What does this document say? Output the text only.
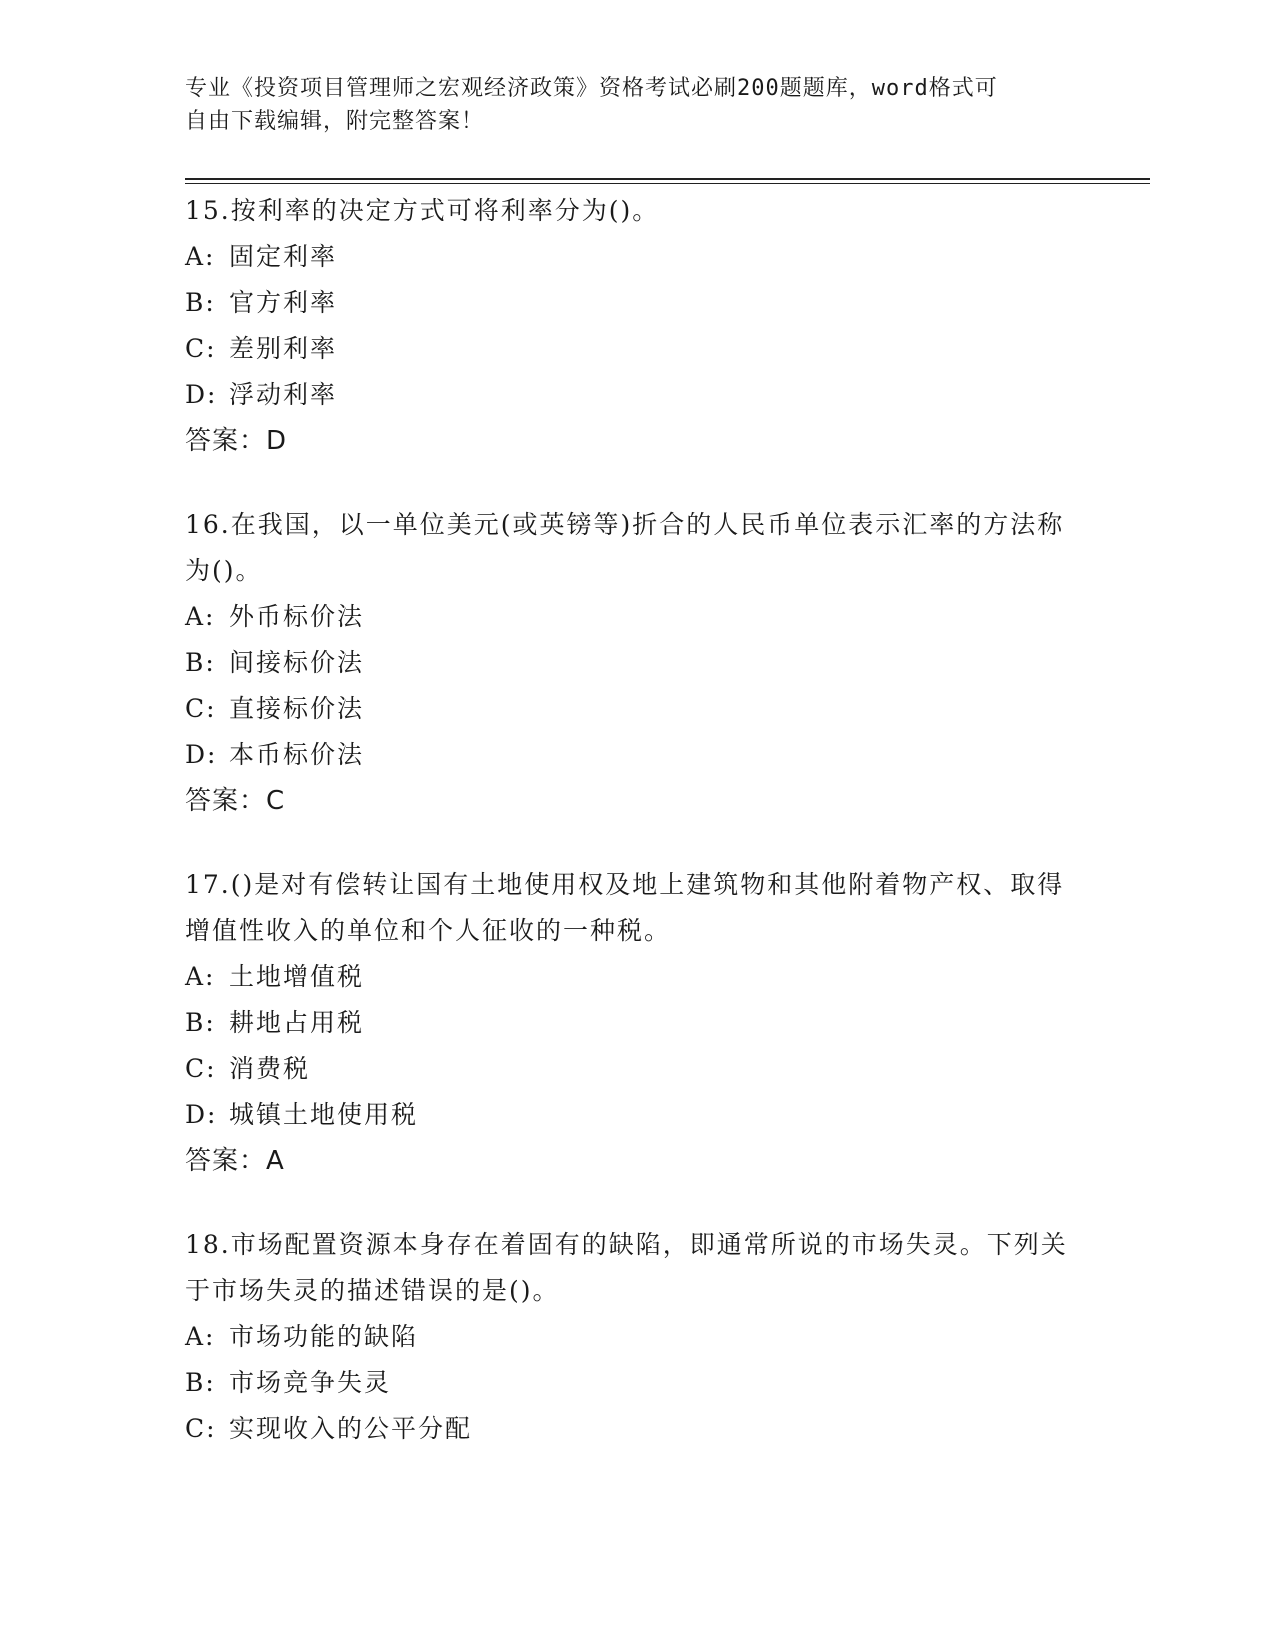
专业《投资项目管理师之宏观经济政策》资格考试必刷200题题库，word格式可
自由下载编辑，附完整答案！
15.按利率的决定方式可将利率分为()。
A: 固定利率
B: 官方利率
C: 差别利率
D: 浮动利率
答案：D
16.在我国，以一单位美元(或英镑等)折合的人民币单位表示汇率的方法称为()。
A: 外币标价法
B: 间接标价法
C: 直接标价法
D: 本币标价法
答案：C
17.()是对有偿转让国有土地使用权及地上建筑物和其他附着物产权、取得增值性收入的单位和个人征收的一种税。
A: 土地增值税
B: 耕地占用税
C: 消费税
D: 城镇土地使用税
答案：A
18.市场配置资源本身存在着固有的缺陷，即通常所说的市场失灵。下列关于市场失灵的描述错误的是()。
A: 市场功能的缺陷
B: 市场竞争失灵
C: 实现收入的公平分配
